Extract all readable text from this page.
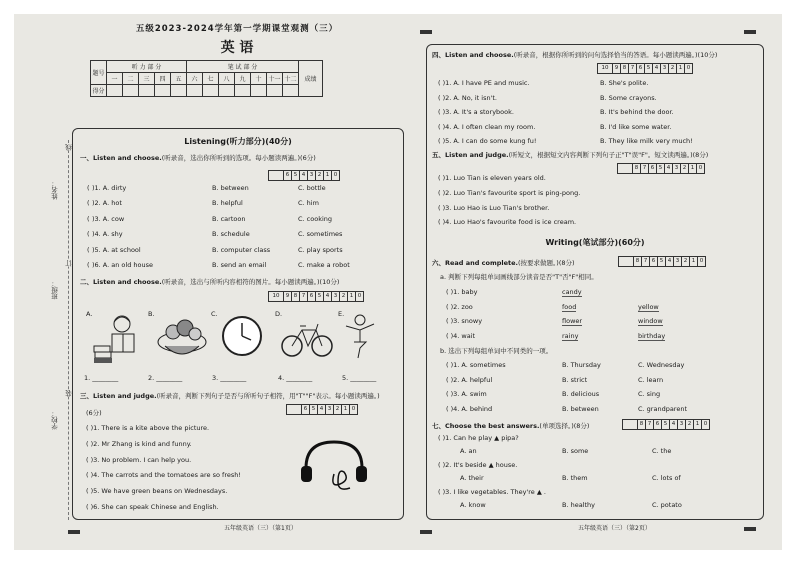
姓名：
班级：
学校：
线
订
装
五级2023-2024学年第一学期课堂观测（三）
英 语
题号	听 力 部 分					笔 试 部 分							成绩
	一	二	三	四	五	六	七	八	九	十	十一	十二	
得分													
Listening(听力部分)(40分)
一、Listen and choose.(听录音，选出你所听到的选项。每小题读两遍。)(6分)
6 5 4 3 2 1 0
( )1. A. dirty	B. between	C. bottle
( )2. A. hot	B. helpful	C. him
( )3. A. cow	B. cartoon	C. cooking
( )4. A. shy	B. schedule	C. sometimes
( )5. A. at school	B. computer class	C. play sports
( )6. A. an old house	B. send an email	C. make a robot
二、Listen and choose.(听录音，选出与所听内容相符的图片。每小题读两遍。)(10分)
10	9 8 7 6 5 4 3 2 1 0
A.	B.	C.	D.	E.
1. ________	2. ________	3. ________	4. ________	5. ________
三、Listen and judge.(听录音，判断下列句子是否与所听句子相符，用"T""F"表示。每小题读两遍。)
(6分)	6 5 4 3 2 1 0
( )1. There is a kite above the picture.
( )2. Mr Zhang is kind and funny.
( )3. No problem. I can help you.
( )4. The carrots and the tomatoes are so fresh!
( )5. We have green beans on Wednesdays.
( )6. She can speak Chinese and English.
四、Listen and choose.(听录音，根据你所听到的问句选择恰当的答语。每小题读两遍。)(10分)
10	9 8 7 6 5 4 3 2 1 0
( )1. A. I have PE and music.	B. She's polite.
( )2. A. No, it isn't.	B. Some crayons.
( )3. A. It's a storybook.	B. It's behind the door.
( )4. A. I often clean my room.	B. I'd like some water.
( )5. A. I can do some kung fu!	B. They like milk very much!
五、Listen and judge.(听短文，根据短文内容判断下列句子正"T"误"F"。短文读两遍。)(8分)
8 7 6 5 4 3 2 1 0
( )1. Luo Tian is eleven years old.
( )2. Luo Tian's favourite sport is ping-pong.
( )3. Luo Hao is Luo Tian's brother.
( )4. Luo Hao's favourite food is ice cream.
Writing(笔试部分)(60分)
六、Read and complete.(按要求做题。)(8分)	8 7 6 5 4 3 2 1 0
a. 判断下列每组单词画线部分读音是否"T"否"F"相同。
( )1. baby	candy
( )2. zoo	food	yellow
( )3. snowy	flower	window
( )4. wait	rainy	birthday
b. 选出下列每组单词中不同类的一项。
( )1. A. sometimes	B. Thursday	C. Wednesday
( )2. A. helpful	B. strict	C. learn
( )3. A. swim	B. delicious	C. sing
( )4. A. behind	B. between	C. grandparent
七、Choose the best answers.(单项选择。)(8分)	8 7 6 5 4 3 2 1 0
( )1. Can he play ▲ pipa?
A. an	B. some	C. the
( )2. It's beside ▲ house.
A. their	B. them	C. lots of
( )3. I like vegetables. They're ▲ .
A. know	B. healthy	C. potato
五年级英语（三）（第1页）	五年级英语（三）（第2页）
